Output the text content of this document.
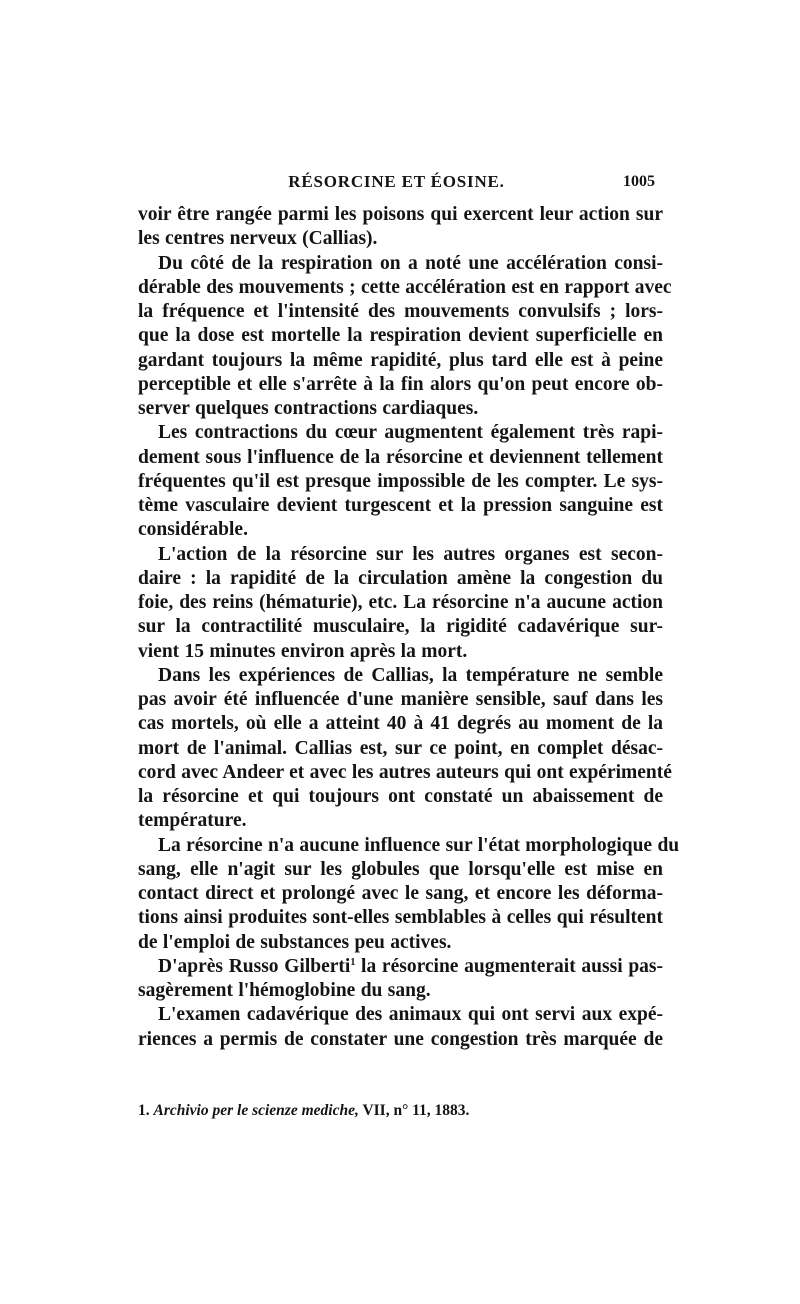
RÉSORCINE ET ÉOSINE.	1005
voir être rangée parmi les poisons qui exercent leur action sur
les centres nerveux (Callias).
Du côté de la respiration on a noté une accélération consi-
dérable des mouvements ; cette accélération est en rapport avec
la fréquence et l'intensité des mouvements convulsifs ; lors-
que la dose est mortelle la respiration devient superficielle en
gardant toujours la même rapidité, plus tard elle est à peine
perceptible et elle s'arrête à la fin alors qu'on peut encore ob-
server quelques contractions cardiaques.
Les contractions du cœur augmentent également très rapi-
dement sous l'influence de la résorcine et deviennent tellement
fréquentes qu'il est presque impossible de les compter. Le sys-
tème vasculaire devient turgescent et la pression sanguine est
considérable.
L'action de la résorcine sur les autres organes est secon-
daire : la rapidité de la circulation amène la congestion du
foie, des reins (hématurie), etc. La résorcine n'a aucune action
sur la contractilité musculaire, la rigidité cadavérique sur-
vient 15 minutes environ après la mort.
Dans les expériences de Callias, la température ne semble
pas avoir été influencée d'une manière sensible, sauf dans les
cas mortels, où elle a atteint 40 à 41 degrés au moment de la
mort de l'animal. Callias est, sur ce point, en complet désac-
cord avec Andeer et avec les autres auteurs qui ont expérimenté
la résorcine et qui toujours ont constaté un abaissement de
température.
La résorcine n'a aucune influence sur l'état morphologique du
sang, elle n'agit sur les globules que lorsqu'elle est mise en
contact direct et prolongé avec le sang, et encore les déforma-
tions ainsi produites sont-elles semblables à celles qui résultent
de l'emploi de substances peu actives.
D'après Russo Gilberti$^1$ la résorcine augmenterait aussi pas-
sagèrement l'hémoglobine du sang.
L'examen cadavérique des animaux qui ont servi aux expé-
riences a permis de constater une congestion très marquée de
1. Archivio per le scienze mediche, VII, n° 11, 1883.
